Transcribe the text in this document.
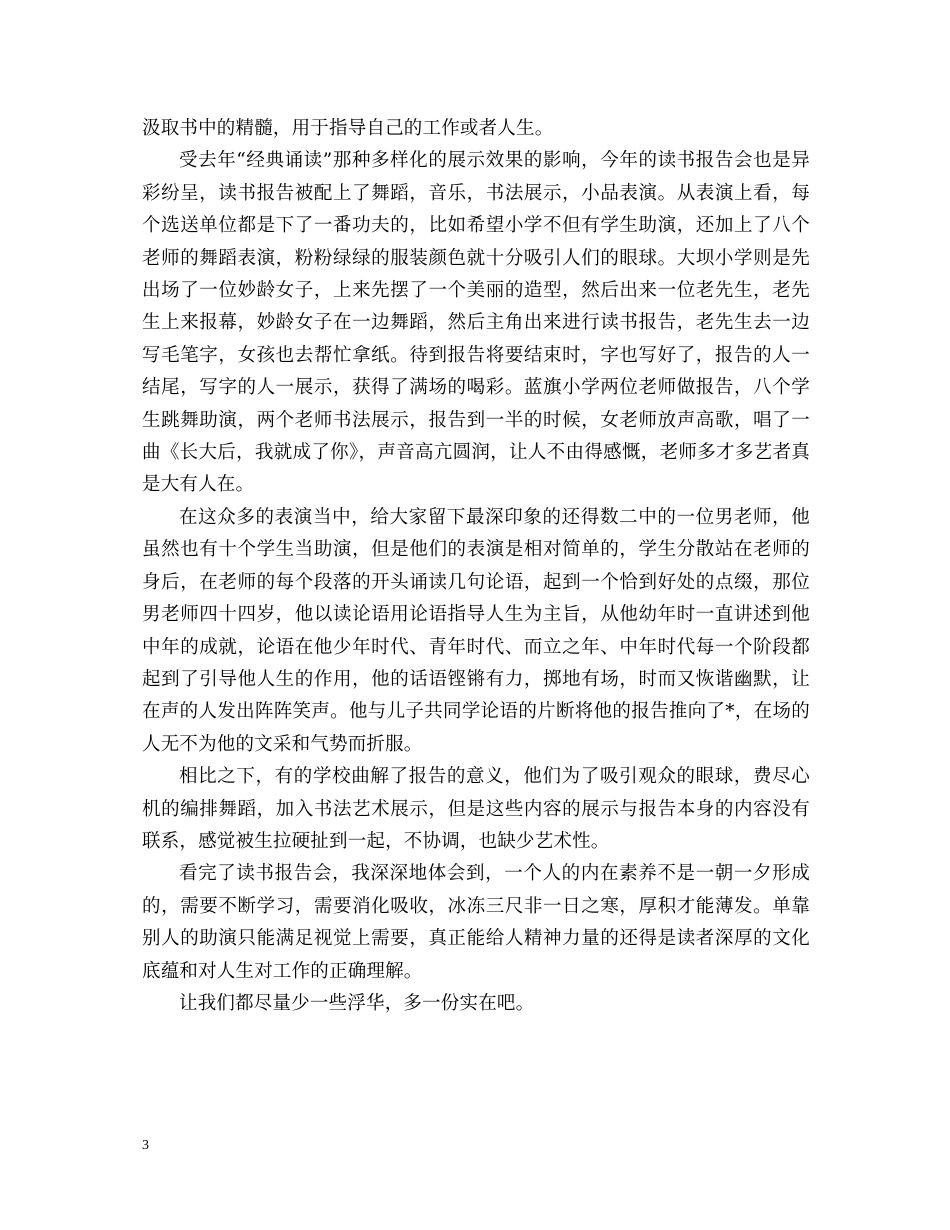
汲取书中的精髓，用于指导自己的工作或者人生。

受去年“经典诵读”那种多样化的展示效果的影响，今年的读书报告会也是异彩纷呈，读书报告被配上了舞蹈，音乐，书法展示，小品表演。从表演上看，每个选送单位都是下了一番功夫的，比如希望小学不但有学生助演，还加上了八个老师的舞蹈表演，粉粉绿绿的服装颜色就十分吸引人们的眼球。大坝小学则是先出场了一位妙龄女子，上来先摆了一个美丽的造型，然后出来一位老先生，老先生上来报幕，妙龄女子在一边舞蹈，然后主角出来进行读书报告，老先生去一边写毛笔字，女孩也去帮忙拿纸。待到报告将要结束时，字也写好了，报告的人一结尾，写字的人一展示，获得了满场的喝彩。蓝旗小学两位老师做报告，八个学生跳舞助演，两个老师书法展示，报告到一半的时候，女老师放声高歌，唱了一曲《长大后，我就成了你》，声音高亢圆润，让人不由得感慨，老师多才多艺者真是大有人在。

在这众多的表演当中，给大家留下最深印象的还得数二中的一位男老师，他虽然也有十个学生当助演，但是他们的表演是相对简单的，学生分散站在老师的身后，在老师的每个段落的开头诵读几句论语，起到一个恰到好处的点缀，那位男老师四十四岁，他以读论语用论语指导人生为主旨，从他幼年时一直讲述到他中年的成就，论语在他少年时代、青年时代、而立之年、中年时代每一个阶段都起到了引导他人生的作用，他的话语铿锵有力，掷地有场，时而又恢谐幽默，让在声的人发出阵阵笑声。他与儿子共同学论语的片断将他的报告推向了*，在场的人无不为他的文采和气势而折服。

相比之下，有的学校曲解了报告的意义，他们为了吸引观众的眼球，费尽心机的编排舞蹈，加入书法艺术展示，但是这些内容的展示与报告本身的内容没有联系，感觉被生拉硬扯到一起，不协调，也缺少艺术性。

看完了读书报告会，我深深地体会到，一个人的内在素养不是一朝一夕形成的，需要不断学习，需要消化吸收，冰冻三尺非一日之寒，厚积才能薄发。单靠别人的助演只能满足视觉上需要，真正能给人精神力量的还得是读者深厚的文化底蕴和对人生对工作的正确理解。

让我们都尽量少一些浮华，多一份实在吧。

3
